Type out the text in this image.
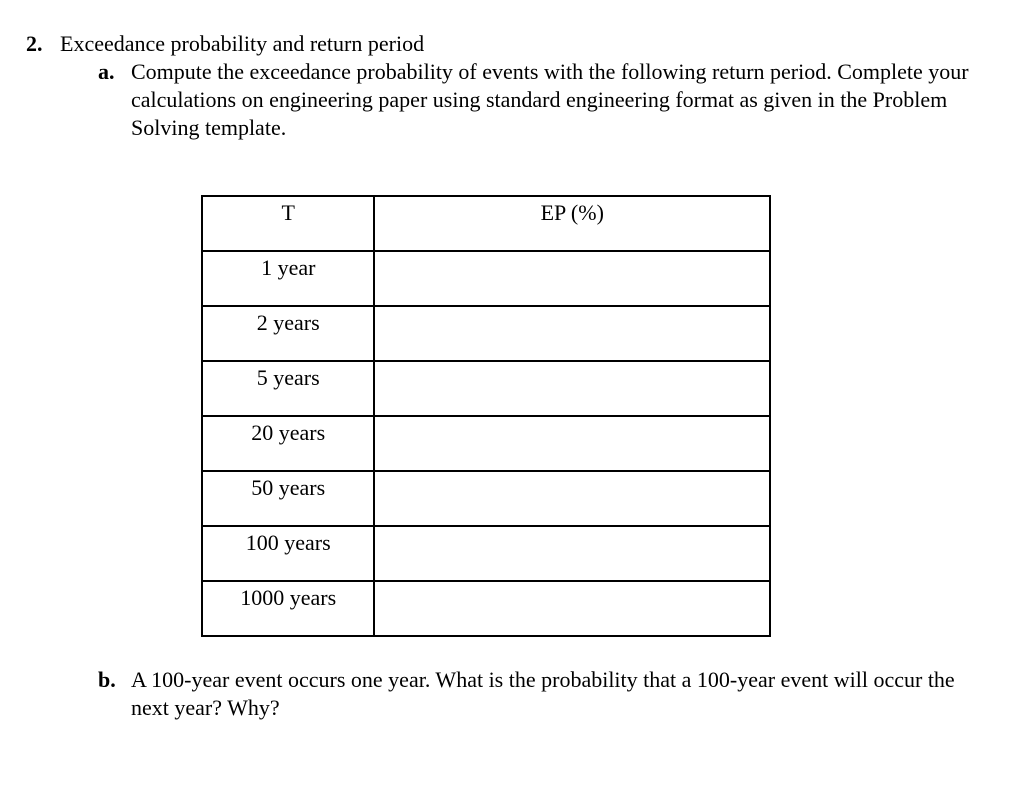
2. Exceedance probability and return period
a. Compute the exceedance probability of events with the following return period. Complete your calculations on engineering paper using standard engineering format as given in the Problem Solving template.
T	EP (%)

1 year	

2 years	

5 years	

20 years	

50 years	

100 years	

1000 years	

b. A 100-year event occurs one year. What is the probability that a 100-year event will occur the next year? Why?
